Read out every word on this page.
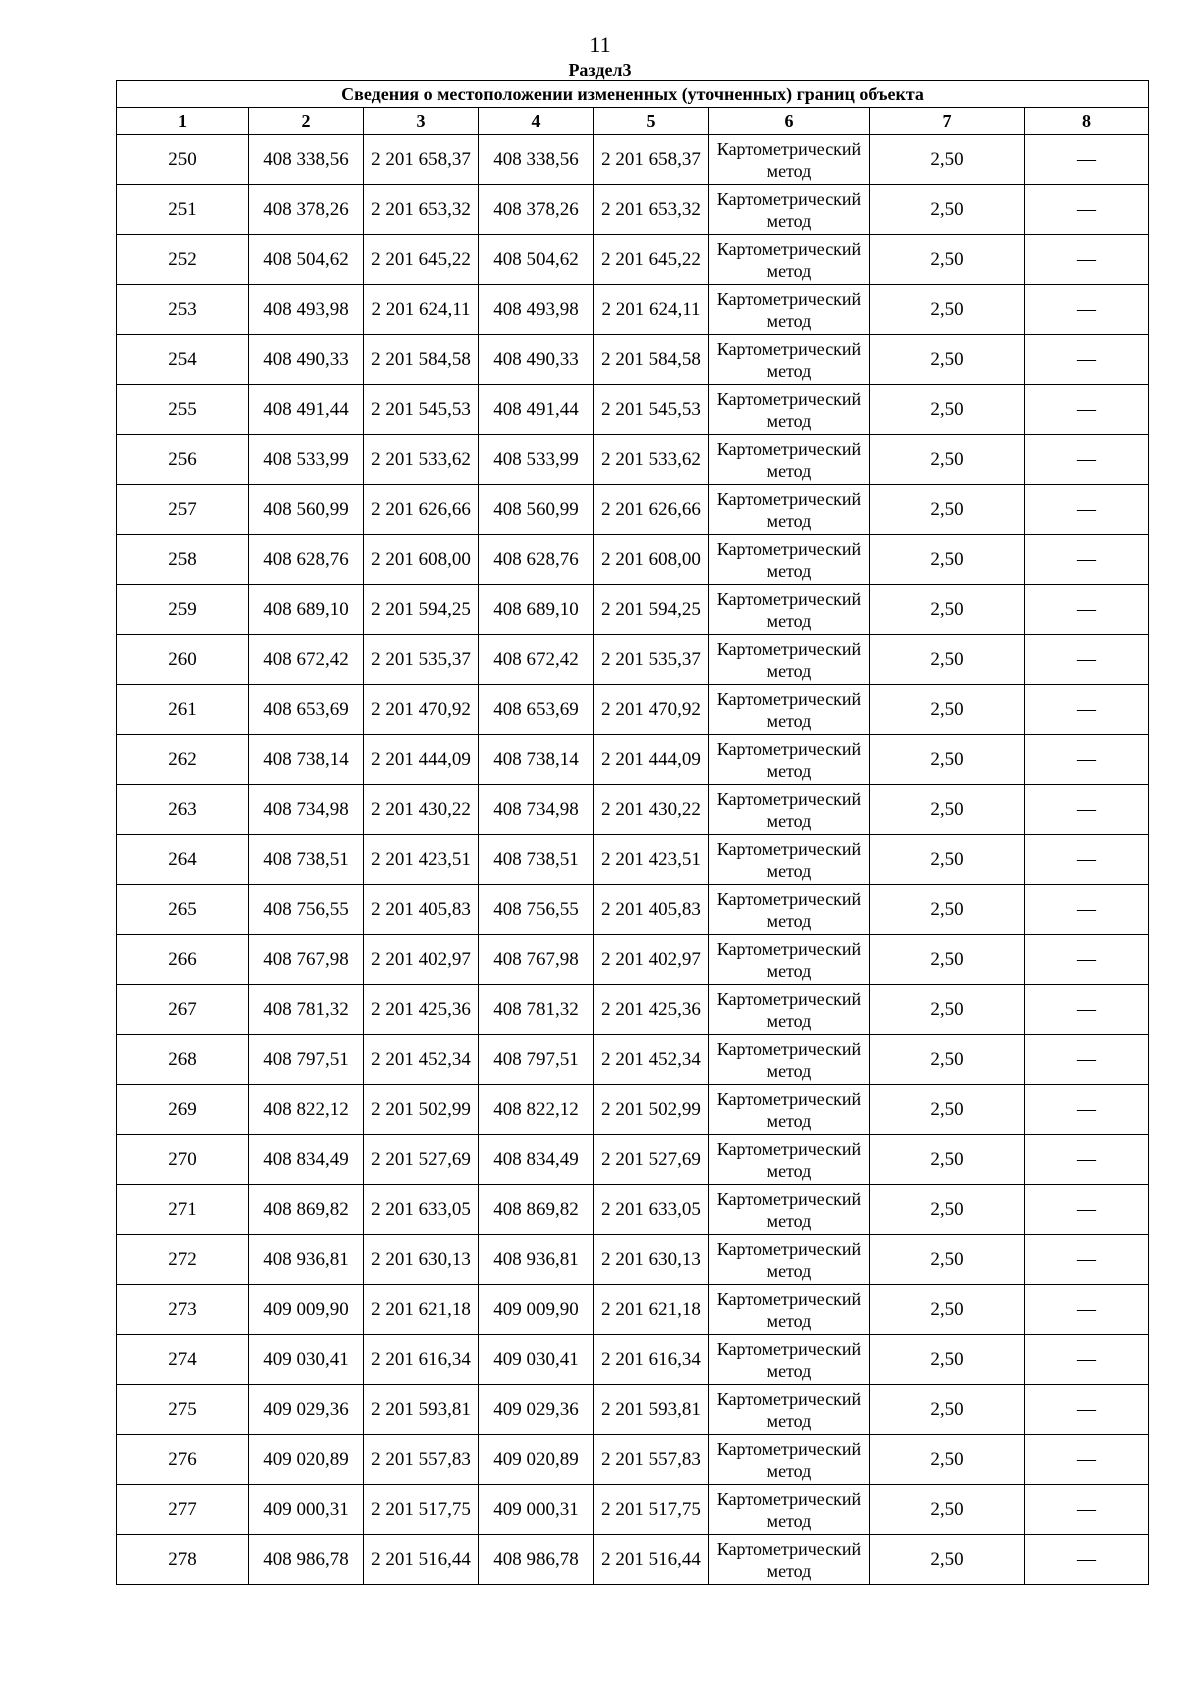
11
Раздел3
Сведения о местоположении измененных (уточненных) границ объекта							
1	2	3	4	5	6	7	8
250	408 338,56	2 201 658,37	408 338,56	2 201 658,37	Картометрический метод	2,50	—
251	408 378,26	2 201 653,32	408 378,26	2 201 653,32	Картометрический метод	2,50	—
252	408 504,62	2 201 645,22	408 504,62	2 201 645,22	Картометрический метод	2,50	—
253	408 493,98	2 201 624,11	408 493,98	2 201 624,11	Картометрический метод	2,50	—
254	408 490,33	2 201 584,58	408 490,33	2 201 584,58	Картометрический метод	2,50	—
255	408 491,44	2 201 545,53	408 491,44	2 201 545,53	Картометрический метод	2,50	—
256	408 533,99	2 201 533,62	408 533,99	2 201 533,62	Картометрический метод	2,50	—
257	408 560,99	2 201 626,66	408 560,99	2 201 626,66	Картометрический метод	2,50	—
258	408 628,76	2 201 608,00	408 628,76	2 201 608,00	Картометрический метод	2,50	—
259	408 689,10	2 201 594,25	408 689,10	2 201 594,25	Картометрический метод	2,50	—
260	408 672,42	2 201 535,37	408 672,42	2 201 535,37	Картометрический метод	2,50	—
261	408 653,69	2 201 470,92	408 653,69	2 201 470,92	Картометрический метод	2,50	—
262	408 738,14	2 201 444,09	408 738,14	2 201 444,09	Картометрический метод	2,50	—
263	408 734,98	2 201 430,22	408 734,98	2 201 430,22	Картометрический метод	2,50	—
264	408 738,51	2 201 423,51	408 738,51	2 201 423,51	Картометрический метод	2,50	—
265	408 756,55	2 201 405,83	408 756,55	2 201 405,83	Картометрический метод	2,50	—
266	408 767,98	2 201 402,97	408 767,98	2 201 402,97	Картометрический метод	2,50	—
267	408 781,32	2 201 425,36	408 781,32	2 201 425,36	Картометрический метод	2,50	—
268	408 797,51	2 201 452,34	408 797,51	2 201 452,34	Картометрический метод	2,50	—
269	408 822,12	2 201 502,99	408 822,12	2 201 502,99	Картометрический метод	2,50	—
270	408 834,49	2 201 527,69	408 834,49	2 201 527,69	Картометрический метод	2,50	—
271	408 869,82	2 201 633,05	408 869,82	2 201 633,05	Картометрический метод	2,50	—
272	408 936,81	2 201 630,13	408 936,81	2 201 630,13	Картометрический метод	2,50	—
273	409 009,90	2 201 621,18	409 009,90	2 201 621,18	Картометрический метод	2,50	—
274	409 030,41	2 201 616,34	409 030,41	2 201 616,34	Картометрический метод	2,50	—
275	409 029,36	2 201 593,81	409 029,36	2 201 593,81	Картометрический метод	2,50	—
276	409 020,89	2 201 557,83	409 020,89	2 201 557,83	Картометрический метод	2,50	—
277	409 000,31	2 201 517,75	409 000,31	2 201 517,75	Картометрический метод	2,50	—
278	408 986,78	2 201 516,44	408 986,78	2 201 516,44	Картометрический метод	2,50	—
